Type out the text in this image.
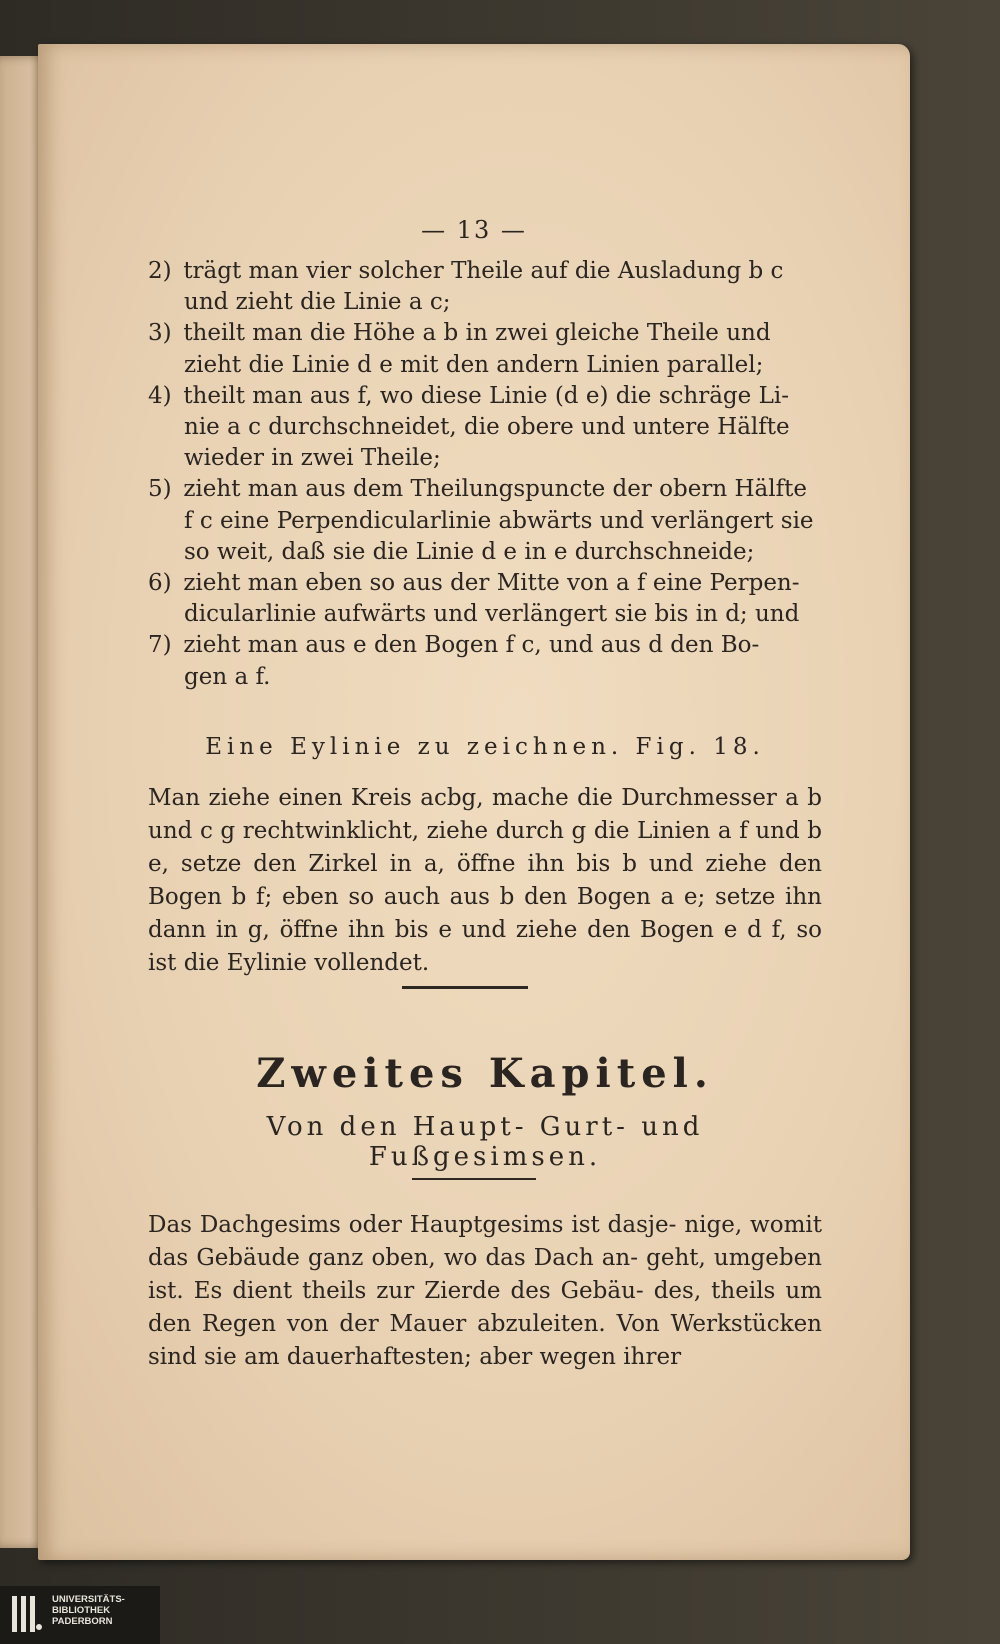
— 13 —
2) trägt man vier solcher Theile auf die Ausladung b c
und zieht die Linie a c;
3) theilt man die Höhe a b in zwei gleiche Theile und
zieht die Linie d e mit den andern Linien parallel;
4) theilt man aus f, wo diese Linie (d e) die schräge Li-
nie a c durchschneidet, die obere und untere Hälfte wieder in zwei Theile;
5) zieht man aus dem Theilungspuncte der obern Hälfte
f c eine Perpendicularlinie abwärts und verlängert sie so weit, daß sie die Linie d e in e durchschneide;
6) zieht man eben so aus der Mitte von a f eine Perpen-
dicularlinie aufwärts und verlängert sie bis in d; und
7) zieht man aus e den Bogen f c, und aus d den Bo-
gen a f.
Eine Eylinie zu zeichnen. Fig. 18.

Man ziehe einen Kreis acbg, mache die Durchmesser a b und c g rechtwinklicht, ziehe durch g die Linien a f und b e, setze den Zirkel in a, öffne ihn bis b und ziehe den Bogen b f; eben so auch aus b den Bogen a e; setze ihn dann in g, öffne ihn bis e und ziehe den Bogen e d f, so ist die Eylinie vollendet.

Zweites Kapitel.
Von den Haupt- Gurt- und Fußgesimsen.

Das Dachgesims oder Hauptgesims ist dasje- nige, womit das Gebäude ganz oben, wo das Dach an- geht, umgeben ist. Es dient theils zur Zierde des Gebäu- des, theils um den Regen von der Mauer abzuleiten. Von Werkstücken sind sie am dauerhaftesten; aber wegen ihrer

UNIVERSITÄTS-
BIBLIOTHEK
PADERBORN
